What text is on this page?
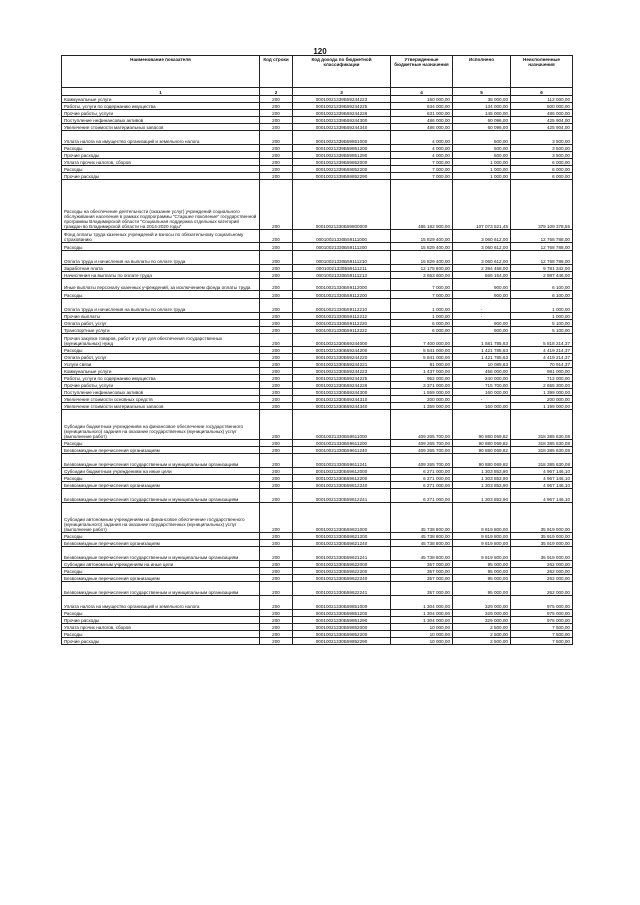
120
Наименование показателя	Код строки	Код дохода по бюджетной классификации	Утвержденные бюджетные назначения	Исполнено	Неисполненные назначения
1	2	3	4	5	6
Коммунальные услуги	200	00010021339Б59244223	150 000,00	38 000,00	112 000,00
Работы, услуги по содержанию имущества	200	00010021339Б59244225	634 000,00	134 000,00	500 000,00
Прочие работы, услуги	200	00010021339Б59244226	631 000,00	145 000,00	486 000,00
Поступление нефинансовых активов	200	00010021339Б59244300	486 000,00	60 096,00	425 904,00
Увеличение стоимости материальных запасов	200	00010021339Б59244340	486 000,00	60 096,00	425 904,00
Уплата налога на имущество организаций и земельного налога	200	00010021339Б59851000	4 000,00	500,00	3 500,00
Расходы	200	00010021339Б59851200	4 000,00	500,00	3 500,00
Прочие расходы	200	00010021339Б59851290	4 000,00	500,00	3 500,00
Уплата прочих налогов, сборов	200	00010021339Б59852000	7 000,00	1 000,00	6 000,00
Расходы	200	00010021339Б59852200	7 000,00	1 000,00	6 000,00
Прочие расходы	200	00010021339Б59852290	7 000,00	1 000,00	6 000,00
Расходы на обеспечение деятельности (оказание услуг) учреждений социального обслуживания населения в рамках подпрограммы "Старшее поколение" государственной программы Владимирской области "Социальная поддержка отдельных категорий граждан во Владимирской области на 2014-2020 годы"	200	00010021330Б59800000	486 182 900,00	107 073 521,45	379 109 378,55
Фонд оплаты труда казенных учреждений и взносы по обязательному социальному страхованию	200	00010021330Б59111000	15 829 400,00	3 060 612,00	12 768 788,00
Расходы	200	00010021330Б59111200	15 829 400,00	3 060 612,00	12 768 788,00
Оплата труда и начисления на выплаты по оплате труда	200	00010021330Б59111210	15 829 400,00	3 060 612,00	12 768 788,00
Заработная плата	200	00010021330Б59111211	12 175 800,00	2 394 458,00	9 781 342,00
Начисления на выплаты по оплате труда	200	00010021330Б59111213	3 653 600,00	666 154,00	2 987 446,00
Иные выплаты персоналу казенных учреждений, за исключением фонда оплаты труда	200	00010021330Б59112000	7 000,00	900,00	6 100,00
Расходы	200	00010021330Б59112200	7 000,00	900,00	6 100,00
Оплата труда и начисления на выплаты по оплате труда	200	00010021330Б59112210	1 000,00	-	1 000,00
Прочие выплаты	200	00010021330Б59112212	1 000,00	-	1 000,00
Оплата работ, услуг	200	00010021330Б59112220	6 000,00	900,00	5 100,00
Транспортные услуги	200	00010021330Б59112222	6 000,00	900,00	5 100,00
Прочая закупка товаров, работ и услуг для обеспечения государственных (муниципальных) нужд	200	00010021330Б59244000	7 400 000,00	1 581 785,63	5 818 214,37
Расходы	200	00010021330Б59244200	5 841 000,00	1 421 785,63	4 419 214,37
Оплата работ, услуг	200	00010021330Б59244220	5 841 000,00	1 421 785,63	4 419 214,37
Услуги связи	200	00010021330Б59244221	81 000,00	10 085,63	70 914,37
Коммунальные услуги	200	00010021330Б59244223	1 437 000,00	456 000,00	981 000,00
Работы, услуги по содержанию имущества	200	00010021330Б59244225	952 000,00	240 000,00	712 000,00
Прочие работы, услуги	200	00010021330Б59244226	3 371 000,00	715 700,00	2 655 300,00
Поступление нефинансовых активов	200	00010021330Б59244300	1 559 000,00	160 000,00	1 399 000,00
Увеличение стоимости основных средств	200	00010021330Б59244310	200 000,00	-	200 000,00
Увеличение стоимости материальных запасов	200	00010021330Б59244340	1 359 000,00	160 000,00	1 199 000,00
Субсидии бюджетным учреждениям на финансовое обеспечение государственного (муниципального) задания на оказание государственных (муниципальных) услуг (выполнение работ)	200	00010021330Б59611000	409 265 700,00	90 880 069,82	318 385 630,08
Расходы	200	00010021330Б59611200	409 265 700,00	90 880 069,82	318 385 630,08
Безвозмездные перечисления организациям	200	00010021330Б59611240	409 265 700,00	90 880 069,82	318 385 630,08
Безвозмездные перечисления государственным и муниципальным организациям	200	00010021330Б59611241	409 265 700,00	90 880 069,82	318 385 630,08
Субсидии бюджетным учреждениям на иные цели	200	00010021330Б59612000	6 271 000,00	1 303 853,90	4 967 146,10
Расходы	200	00010021330Б59612200	6 271 000,00	1 303 853,90	4 967 146,10
Безвозмездные перечисления организациям	200	00010021330Б59612240	6 271 000,00	1 303 853,90	4 967 146,10
Безвозмездные перечисления государственным и муниципальным организациям	200	00010021330Б59612241	6 271 000,00	1 303 853,90	4 967 146,10
Субсидии автономным учреждениям на финансовое обеспечение государственного (муниципального) задания на оказание государственных (муниципальных) услуг (выполнение работ)	200	00010021330Б59621000	45 738 800,00	9 819 800,00	35 919 000,00
Расходы	200	00010021330Б59621200	45 738 800,00	9 819 800,00	35 919 000,00
Безвозмездные перечисления организациям	200	00010021330Б59621240	45 738 800,00	9 819 800,00	35 919 000,00
Безвозмездные перечисления государственным и муниципальным организациям	200	00010021330Б59621241	45 738 800,00	9 819 800,00	35 919 000,00
Субсидии автономным учреждениям на иные цели	200	00010021330Б59622000	357 000,00	95 000,00	262 000,00
Расходы	200	00010021330Б59622200	357 000,00	95 000,00	262 000,00
Безвозмездные перечисления организациям	200	00010021330Б59622240	357 000,00	95 000,00	262 000,00
Безвозмездные перечисления государственным и муниципальным организациям	200	00010021330Б59622241	357 000,00	95 000,00	262 000,00
Уплата налога на имущество организаций и земельного налога	200	00010021330Б59851000	1 304 000,00	329 000,00	975 000,00
Расходы	200	00010021330Б59851200	1 304 000,00	329 000,00	975 000,00
Прочие расходы	200	00010021330Б59851290	1 304 000,00	329 000,00	975 000,00
Уплата прочих налогов, сборов	200	00010021330Б59852000	10 000,00	2 500,00	7 500,00
Расходы	200	00010021330Б59852200	10 000,00	2 500,00	7 500,00
Прочие расходы	200	00010021330Б59852290	10 000,00	2 500,00	7 500,00
